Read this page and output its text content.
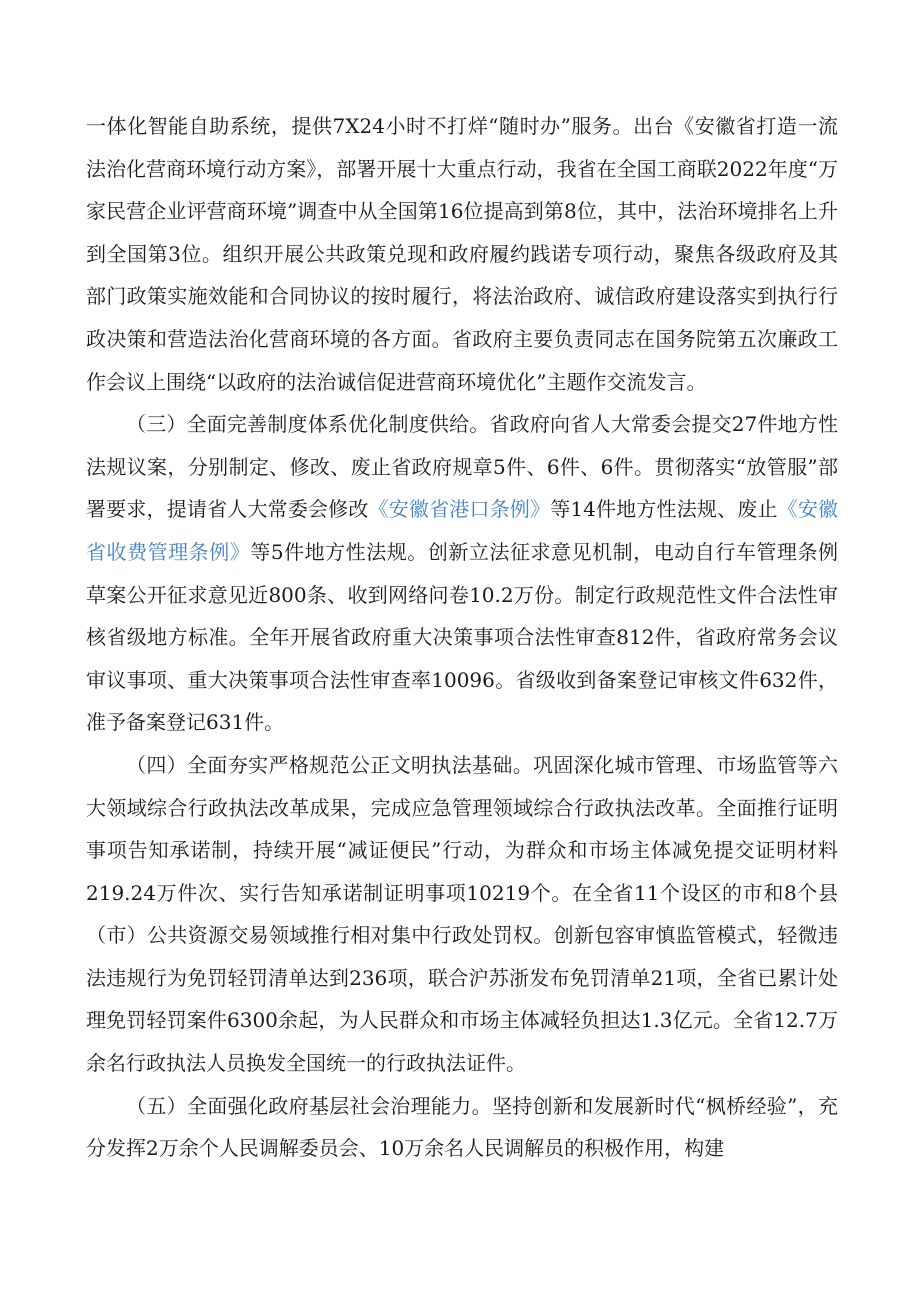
一体化智能自助系统，提供7X24小时不打烊“随时办”服务。出台《安徽省打造一流法治化营商环境行动方案》，部署开展十大重点行动，我省在全国工商联2022年度“万家民营企业评营商环境”调查中从全国第16位提高到第8位，其中，法治环境排名上升到全国第3位。组织开展公共政策兑现和政府履约践诺专项行动，聚焦各级政府及其部门政策实施效能和合同协议的按时履行，将法治政府、诚信政府建设落实到执行行政决策和营造法治化营商环境的各方面。省政府主要负责同志在国务院第五次廉政工作会议上围绕“以政府的法治诚信促进营商环境优化”主题作交流发言。

（三）全面完善制度体系优化制度供给。省政府向省人大常委会提交27件地方性法规议案，分别制定、修改、废止省政府规章5件、6件、6件。贯彻落实“放管服”部署要求，提请省人大常委会修改《安徽省港口条例》等14件地方性法规、废止《安徽省收费管理条例》等5件地方性法规。创新立法征求意见机制，电动自行车管理条例草案公开征求意见近800条、收到网络问卷10.2万份。制定行政规范性文件合法性审核省级地方标准。全年开展省政府重大决策事项合法性审查812件，省政府常务会议审议事项、重大决策事项合法性审查率10096。省级收到备案登记审核文件632件，准予备案登记631件。

（四）全面夯实严格规范公正文明执法基础。巩固深化城市管理、市场监管等六大领域综合行政执法改革成果，完成应急管理领域综合行政执法改革。全面推行证明事项告知承诺制，持续开展“减证便民”行动，为群众和市场主体减免提交证明材料219.24万件次、实行告知承诺制证明事项10219个。在全省11个设区的市和8个县（市）公共资源交易领域推行相对集中行政处罚权。创新包容审慎监管模式，轻微违法违规行为免罚轻罚清单达到236项，联合沪苏浙发布免罚清单21项，全省已累计处理免罚轻罚案件6300余起，为人民群众和市场主体减轻负担达1.3亿元。全省12.7万余名行政执法人员换发全国统一的行政执法证件。

（五）全面强化政府基层社会治理能力。坚持创新和发展新时代“枫桥经验”，充分发挥2万余个人民调解委员会、10万余名人民调解员的积极作用，构建
